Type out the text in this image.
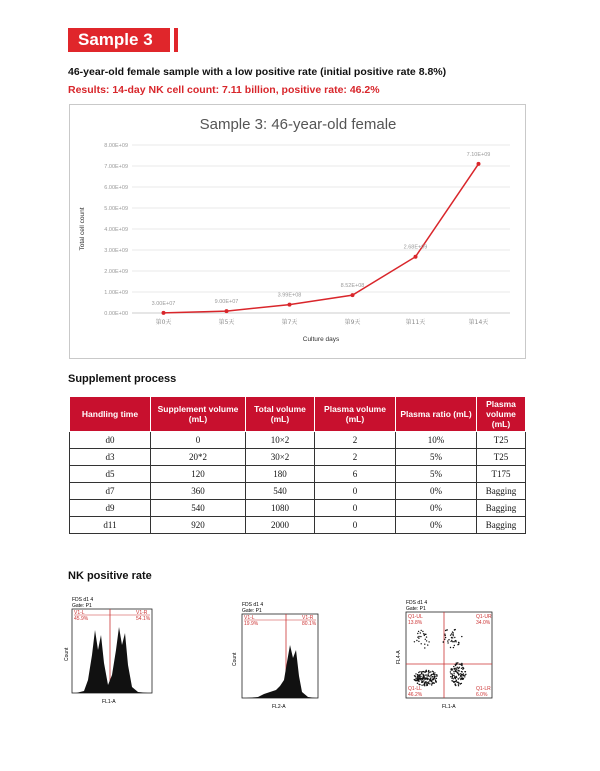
Sample 3
46-year-old female sample with a low positive rate (initial positive rate 8.8%)
Results: 14-day NK cell count: 7.11 billion, positive rate: 46.2%
Sample 3: 46-year-old female
0.00E+00
1.00E+09
2.00E+09
3.00E+09
4.00E+09
5.00E+09
6.00E+09
7.00E+09
8.00E+09
第0天	第5天	第7天	第9天	第11天	第14天
Culture days
Total cell count
3.00E+07	9.00E+07
3.99E+08
8.52E+08
2.68E+09
7.10E+09
Supplement process
Handling time	Supplement volume (mL)	Total volume (mL)	Plasma volume (mL)	Plasma ratio (mL)	Plasma volume (mL)
d0	0	10×2	2	10%	T25
d3	20*2	30×2	2	5%	T25
d5	120	180	6	5%	T175
d7	360	540	0	0%	Bagging
d9	540	1080	0	0%	Bagging
d11	920	2000	0	0%	Bagging
NK positive rate
FDS d1 4
Gate: P1
V1-L
45.9%
V1-R
54.1%
FL1-A
Count
FDS d1 4
Gate: P1
V1-L
19.9%
V1-R
80.1%
FL2-A
Count
FDS d1 4
Gate: P1
Q1-UL
13.8%
Q1-UR
34.0%
Q1-LL
46.2%
Q1-LR
6.0%
FL1-A
FL4-A
